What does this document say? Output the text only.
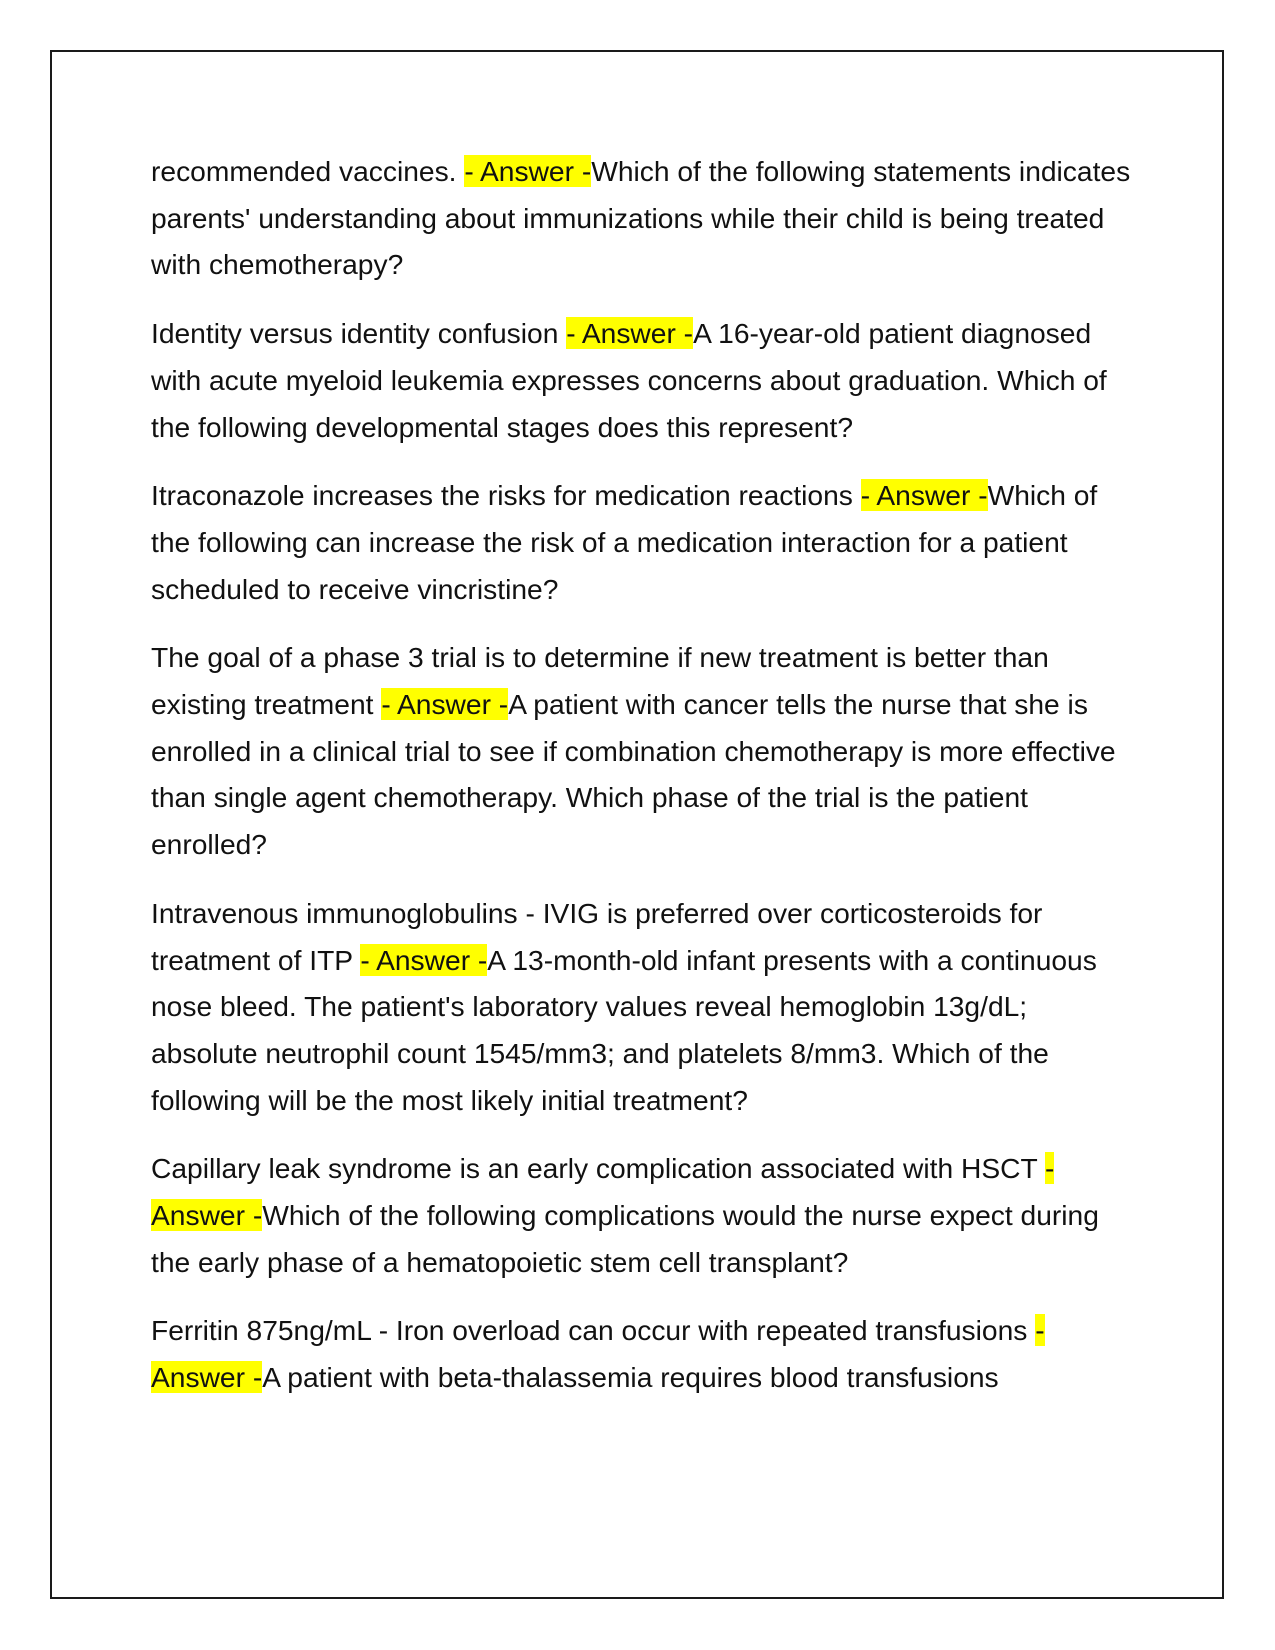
recommended vaccines. - Answer -Which of the following statements indicates parents' understanding about immunizations while their child is being treated with chemotherapy?

Identity versus identity confusion - Answer -A 16-year-old patient diagnosed with acute myeloid leukemia expresses concerns about graduation. Which of the following developmental stages does this represent?

Itraconazole increases the risks for medication reactions - Answer -Which of the following can increase the risk of a medication interaction for a patient scheduled to receive vincristine?

The goal of a phase 3 trial is to determine if new treatment is better than existing treatment - Answer -A patient with cancer tells the nurse that she is enrolled in a clinical trial to see if combination chemotherapy is more effective than single agent chemotherapy. Which phase of the trial is the patient enrolled?

Intravenous immunoglobulins - IVIG is preferred over corticosteroids for treatment of ITP - Answer -A 13-month-old infant presents with a continuous nose bleed. The patient's laboratory values reveal hemoglobin 13g/dL; absolute neutrophil count 1545/mm3; and platelets 8/mm3. Which of the following will be the most likely initial treatment?

Capillary leak syndrome is an early complication associated with HSCT - Answer -Which of the following complications would the nurse expect during the early phase of a hematopoietic stem cell transplant?

Ferritin 875ng/mL - Iron overload can occur with repeated transfusions - Answer -A patient with beta-thalassemia requires blood transfusions
